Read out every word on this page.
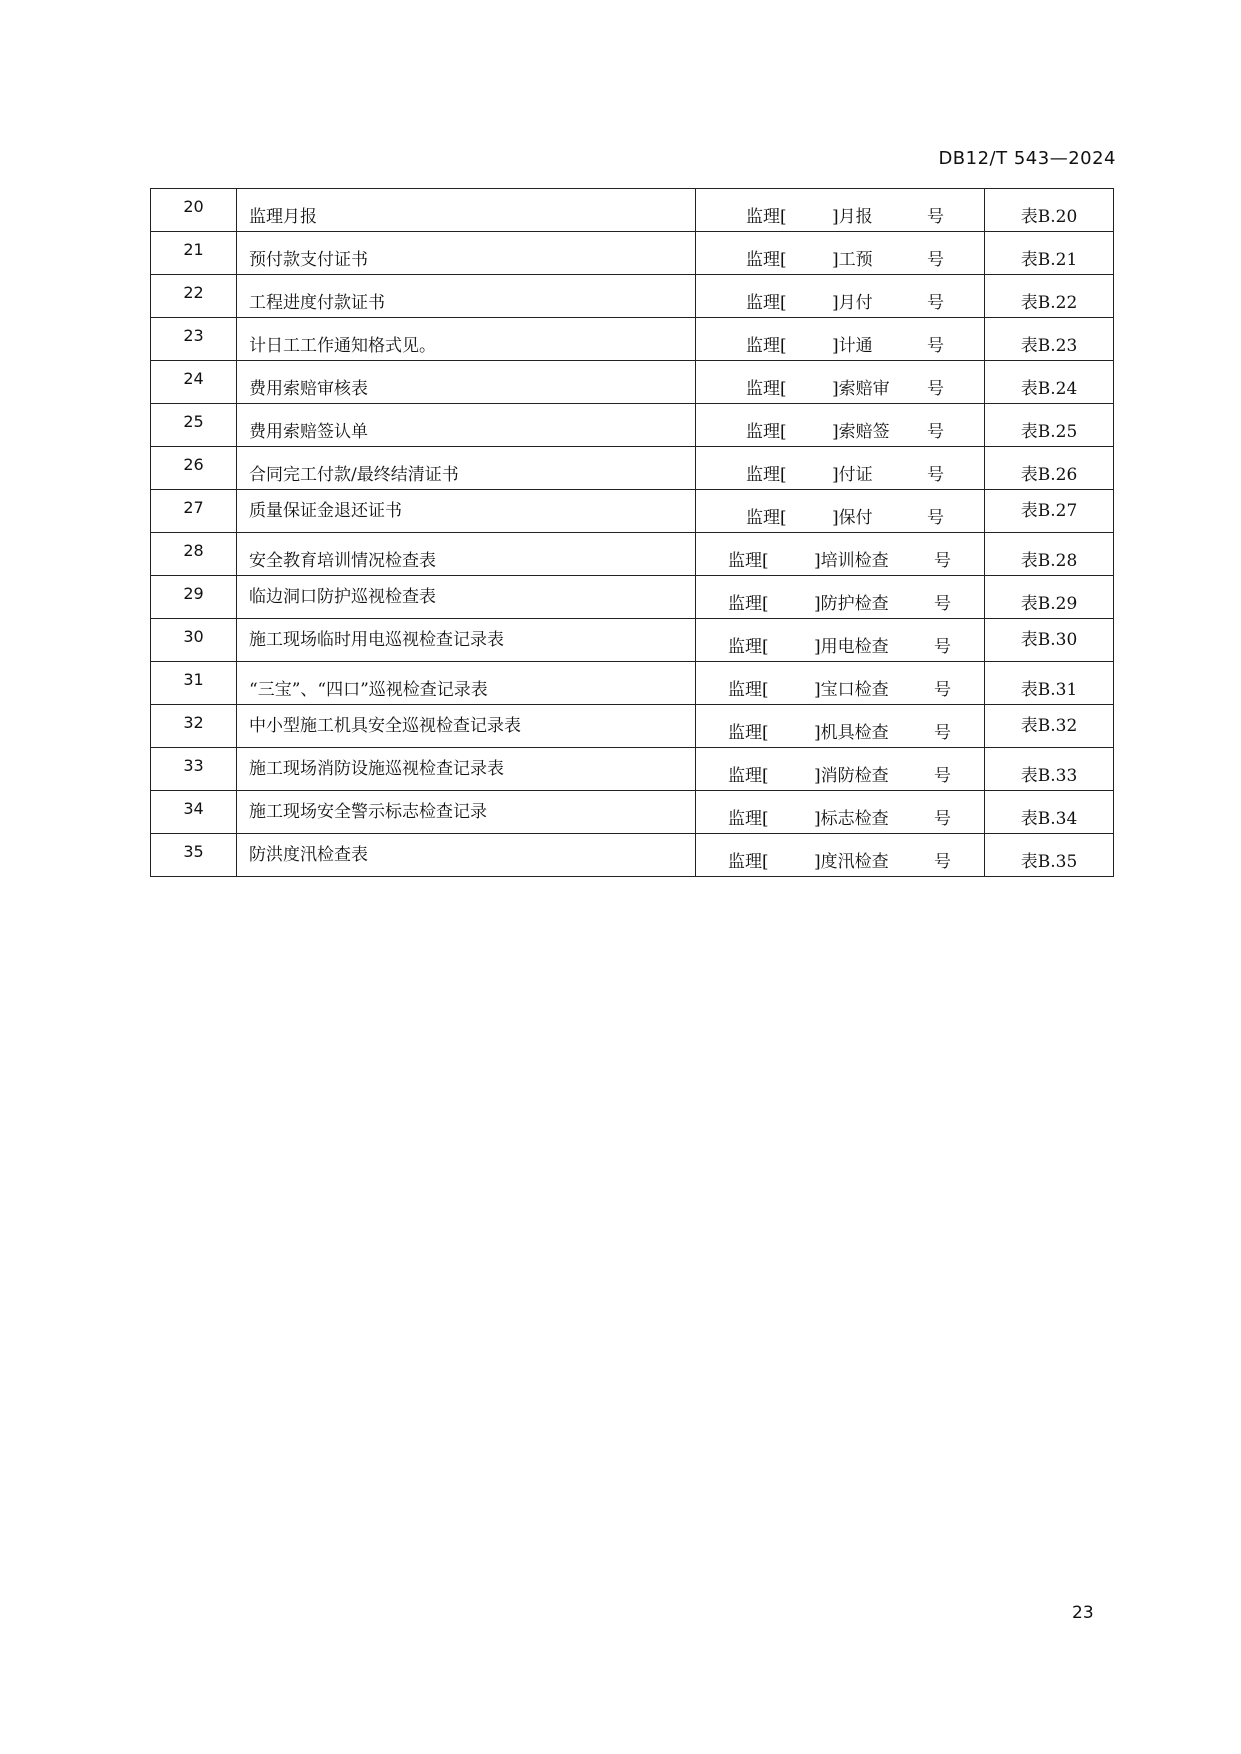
DB12/T 543—2024
20	监理月报	监理[ ]月报 号	表B.20

21	预付款支付证书	监理[ ]工预 号	表B.21

22	工程进度付款证书	监理[ ]月付 号	表B.22

23	计日工工作通知格式见。	监理[ ]计通 号	表B.23

24	费用索赔审核表	监理[ ]索赔审 号	表B.24

25	费用索赔签认单	监理[ ]索赔签 号	表B.25

26	合同完工付款/最终结清证书	监理[ ]付证 号	表B.26

27	质量保证金退还证书	监理[ ]保付 号	表B.27

28	安全教育培训情况检查表	监理[ ]培训检查 号	表B.28

29	临边洞口防护巡视检查表	监理[ ]防护检查 号	表B.29

30	施工现场临时用电巡视检查记录表	监理[ ]用电检查 号	表B.30

31	“三宝”、“四口”巡视检查记录表	监理[ ]宝口检查 号	表B.31

32	中小型施工机具安全巡视检查记录表	监理[ ]机具检查 号	表B.32

33	施工现场消防设施巡视检查记录表	监理[ ]消防检查 号	表B.33

34	施工现场安全警示标志检查记录	监理[ ]标志检查 号	表B.34

35	防洪度汛检查表	监理[ ]度汛检查 号	表B.35
23
